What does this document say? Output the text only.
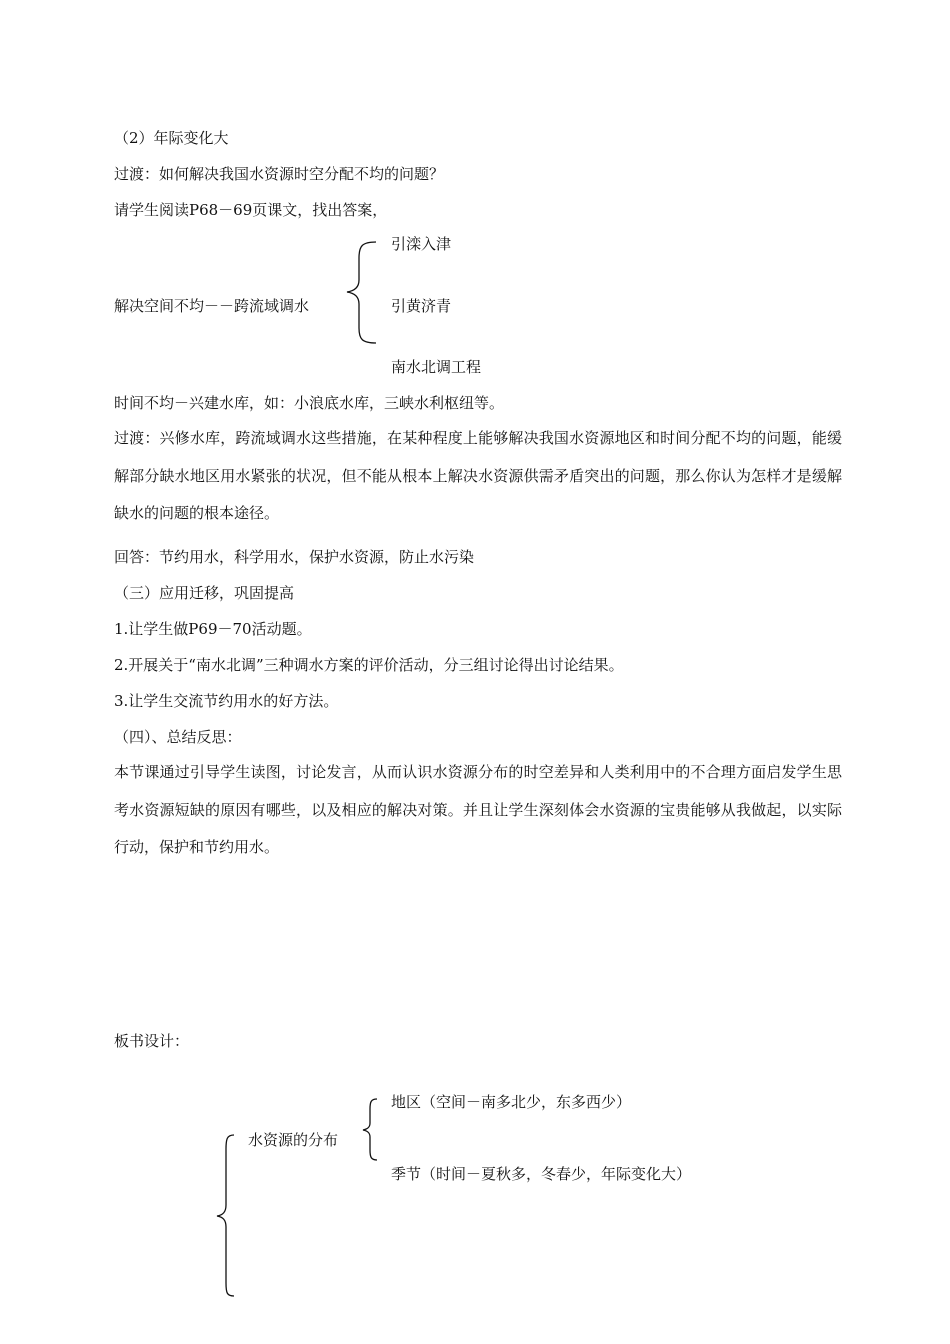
（2）年际变化大
过渡：如何解决我国水资源时空分配不均的问题？
请学生阅读P68－69页课文，找出答案，
引滦入津
解决空间不均－－跨流域调水	引黄济青
南水北调工程
时间不均－兴建水库，如：小浪底水库，三峡水利枢纽等。
过渡：兴修水库，跨流域调水这些措施，在某种程度上能够解决我国水资源地区和时间分配不均的问题，能缓解部分缺水地区用水紧张的状况，但不能从根本上解决水资源供需矛盾突出的问题，那么你认为怎样才是缓解缺水的问题的根本途径。
回答：节约用水，科学用水，保护水资源，防止水污染
（三）应用迁移，巩固提高
1.让学生做P69－70活动题。
2.开展关于“南水北调”三种调水方案的评价活动，分三组讨论得出讨论结果。
3.让学生交流节约用水的好方法。
（四）、总结反思：
本节课通过引导学生读图，讨论发言，从而认识水资源分布的时空差异和人类利用中的不合理方面启发学生思考水资源短缺的原因有哪些，以及相应的解决对策。并且让学生深刻体会水资源的宝贵能够从我做起，以实际行动，保护和节约用水。
板书设计：
水资源的分布
地区（空间－南多北少，东多西少）
季节（时间－夏秋多，冬春少，年际变化大）
